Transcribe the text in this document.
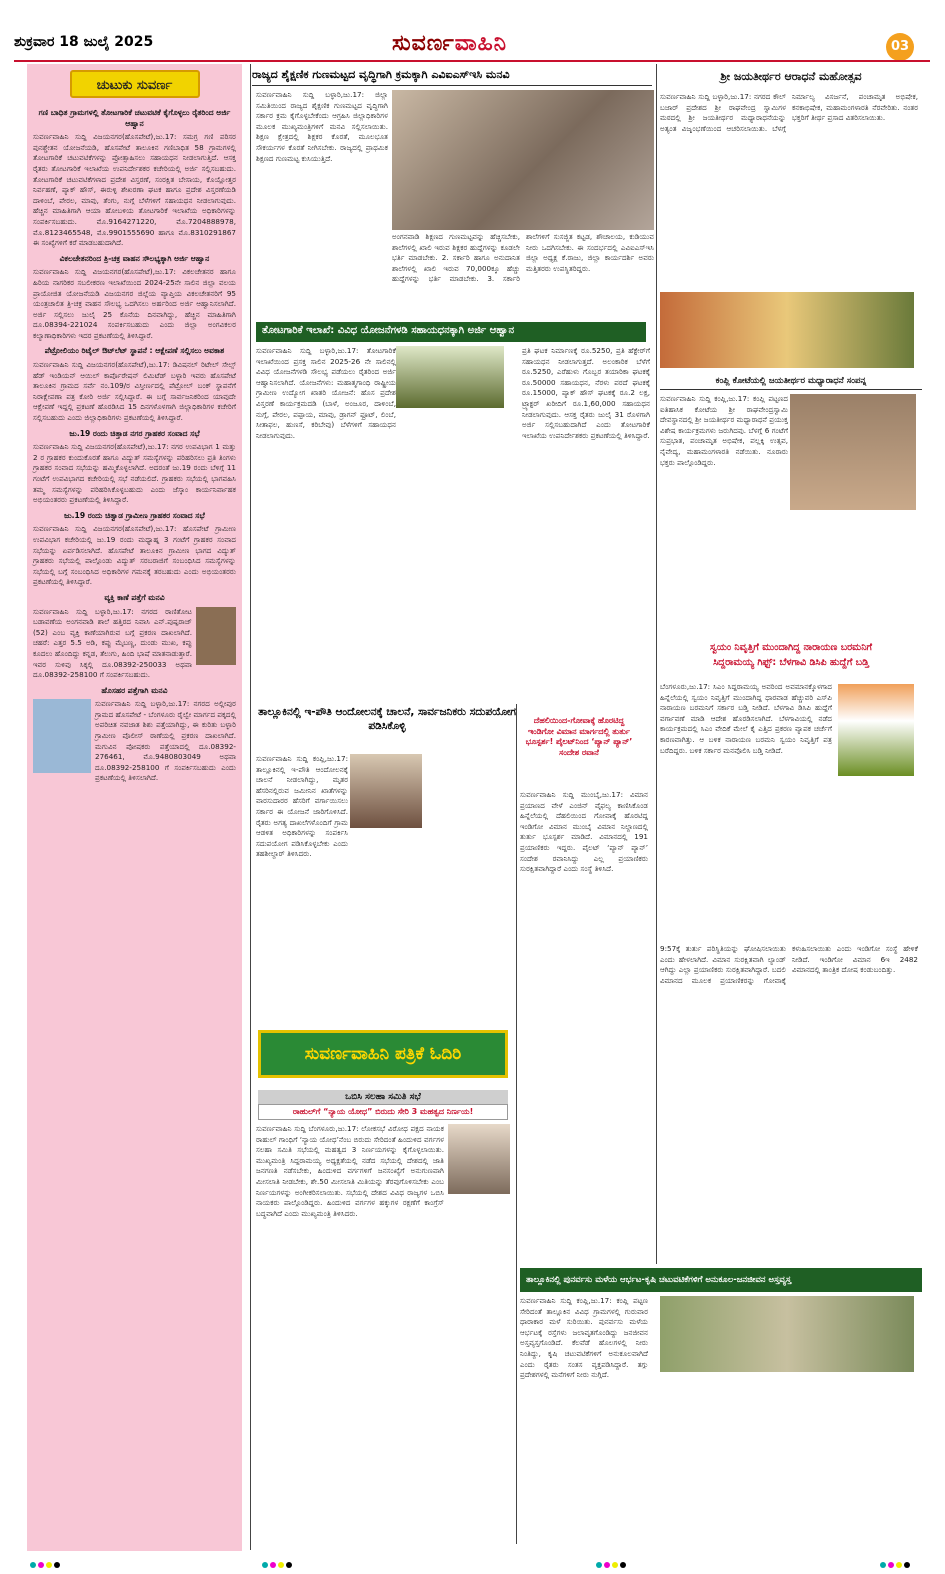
ಶುಕ್ರವಾರ 18 ಜುಲೈ 2025	ಸುವರ್ಣವಾಹಿನಿ	03
ಚುಟುಕು ಸುವರ್ಣ
ಗಣಿ ಬಾಧಿತ ಗ್ರಾಮಗಳಲ್ಲಿ ತೋಟಗಾರಿಕೆ ಚಟುವಟಿಕೆ ಕೈಗೊಳ್ಳಲು ರೈತರಿಂದ ಅರ್ಜಿ ಆಹ್ವಾನ

ಸುವರ್ಣವಾಹಿನಿ ಸುದ್ದಿ ವಿಜಯನಗರ(ಹೊಸಪೇಟೆ),ಜು.17: ಸಮಗ್ರ ಗಣಿ ಪರಿಸರ ಪುನಶ್ಚೇತನ ಯೋಜನೆಯಡಿ, ಹೊಸಪೇಟೆ ತಾಲೂಕಿನ ಗಣಿಬಾಧಿತ 58 ಗ್ರಾಮಗಳಲ್ಲಿ ತೋಟಗಾರಿಕೆ ಚಟುವಟಿಕೆಗಳನ್ನು ಪ್ರೋತ್ಸಾಹಿಸಲು ಸಹಾಯಧನ ನೀಡಲಾಗುತ್ತಿದೆ. ಆಸಕ್ತ ರೈತರು ತೋಟಗಾರಿಕೆ ಇಲಾಖೆಯ ಉಪನಿರ್ದೇಶಕರ ಕಚೇರಿಯಲ್ಲಿ ಅರ್ಜಿ ಸಲ್ಲಿಸಬಹುದು. ತೋಟಗಾರಿಕೆ ಚಟುವಟಿಕೆಗಳಾದ ಪ್ರದೇಶ ವಿಸ್ತರಣೆ, ಸಂರಕ್ಷಿತ ಬೇಸಾಯ, ಕೊಯ್ಲೋತ್ತರ ನಿರ್ವಹಣೆ, ಪ್ಯಾಕ್ ಹೌಸ್, ಈರುಳ್ಳಿ ಶೇಖರಣಾ ಘಟಕ ಹಾಗೂ ಪ್ರದೇಶ ವಿಸ್ತರಣೆಯಡಿ ದಾಳಿಂಬೆ, ಪೇರಲ, ಮಾವು, ತೆಂಗು, ನುಗ್ಗೆ ಬೆಳೆಗಳಿಗೆ ಸಹಾಯಧನ ನೀಡಲಾಗುವುದು. ಹೆಚ್ಚಿನ ಮಾಹಿತಿಗಾಗಿ ಆಯಾ ಹೋಬಳಿಯ ತೋಟಗಾರಿಕೆ ಇಲಾಖೆಯ ಅಧಿಕಾರಿಗಳನ್ನು ಸಂಪರ್ಕಿಸಬಹುದು. ಮೊ.9164271220, ಮೊ.7204888978, ಮೊ.8123465548, ಮೊ.9901555690 ಹಾಗೂ ಮೊ.8310291867 ಈ ಸಂಖ್ಯೆಗಳಿಗೆ ಕರೆ ಮಾಡಬಹುದಾಗಿದೆ.

ವಿಕಲಚೇತನರಿಂದ ತ್ರಿ-ಚಕ್ರ ವಾಹನ ಸೌಲಭ್ಯಕ್ಕಾಗಿ ಅರ್ಜಿ ಆಹ್ವಾನ

ಸುವರ್ಣವಾಹಿನಿ ಸುದ್ದಿ ವಿಜಯನಗರ(ಹೊಸಪೇಟೆ),ಜು.17: ವಿಕಲಚೇತನರ ಹಾಗೂ ಹಿರಿಯ ನಾಗರಿಕರ ಸಬಲೀಕರಣ ಇಲಾಖೆಯಿಂದ 2024-25ನೇ ಸಾಲಿನ ಜಿಲ್ಲಾ ವಲಯ ಪ್ರಾಯೋಜಿತ ಯೋಜನೆಯಡಿ ವಿಜಯನಗರ ಜಿಲ್ಲೆಯ ವ್ಯಾಪ್ತಿಯ ವಿಕಲಚೇತನರಿಗೆ 95 ಯಂತ್ರಚಾಲಿತ ತ್ರಿ-ಚಕ್ರ ವಾಹನ ಸೌಲಭ್ಯ ಒದಗಿಸಲು ಅರ್ಹರಿಂದ ಅರ್ಜಿ ಆಹ್ವಾನಿಸಲಾಗಿದೆ. ಅರ್ಜಿ ಸಲ್ಲಿಸಲು ಜುಲೈ 25 ಕೊನೆಯ ದಿನವಾಗಿದ್ದು, ಹೆಚ್ಚಿನ ಮಾಹಿತಿಗಾಗಿ ದೂ.08394-221024 ಸಂಪರ್ಕಿಸಬಹುದು ಎಂದು ಜಿಲ್ಲಾ ಅಂಗವಿಕಲರ ಕಲ್ಯಾಣಾಧಿಕಾರಿಗಳು ಇದರ ಪ್ರಕಟಣೆಯಲ್ಲಿ ತಿಳಿಸಿದ್ದಾರೆ.

ಪೆಟ್ರೋಲಿಯಂ ರಿಟೈಲ್ ಔಟ್‌ಲೆಟ್ ಸ್ಥಾಪನೆ : ಆಕ್ಷೇಪಣೆ ಸಲ್ಲಿಸಲು ಅವಕಾಶ

ಸುವರ್ಣವಾಹಿನಿ ಸುದ್ದಿ ವಿಜಯನಗರ(ಹೊಸಪೇಟೆ),ಜು.17: ಡಿವಿಷನಲ್ ರಿಟೇಲ್ ಸೇಲ್ಸ್ ಹೆಡ್ ಇಂಡಿಯನ್ ಆಯಿಲ್ ಕಾರ್ಪೊರೇಷನ್ ಲಿಮಿಟೆಡ್ ಬಳ್ಳಾರಿ ಇವರು ಹೊಸಪೇಟೆ ತಾಲೂಕಿನ ಗ್ರಾಮದ ಸರ್ವೆ ನಂ.109/ರ ವಿಸ್ತೀರ್ಣದಲ್ಲಿ ಪೆಟ್ರೋಲ್ ಬಂಕ್ ಸ್ಥಾಪನೆಗೆ ನಿರಾಕ್ಷೇಪಣಾ ಪತ್ರ ಕೋರಿ ಅರ್ಜಿ ಸಲ್ಲಿಸಿದ್ದಾರೆ. ಈ ಬಗ್ಗೆ ಸಾರ್ವಜನಿಕರಿಂದ ಯಾವುದೇ ಆಕ್ಷೇಪಣೆ ಇದ್ದಲ್ಲಿ ಪ್ರಕಟಣೆ ಹೊರಡಿಸಿದ 15 ದಿನಗಳೊಳಗಾಗಿ ಜಿಲ್ಲಾಧಿಕಾರಿಗಳ ಕಚೇರಿಗೆ ಸಲ್ಲಿಸಬಹುದು ಎಂದು ಜಿಲ್ಲಾಧಿಕಾರಿಗಳು ಪ್ರಕಟಣೆಯಲ್ಲಿ ತಿಳಿಸಿದ್ದಾರೆ.

ಜು.19 ರಂದು ಚಿತ್ತಾಡ ನಗರ ಗ್ರಾಹಕರ ಸಂವಾದ ಸಭೆ

ಸುವರ್ಣವಾಹಿನಿ ಸುದ್ದಿ ವಿಜಯನಗರ(ಹೊಸಪೇಟೆ),ಜು.17: ನಗರ ಉಪವಿಭಾಗ 1 ಮತ್ತು 2 ರ ಗ್ರಾಹಕರ ಕುಂದುಕೊರತೆ ಹಾಗೂ ವಿದ್ಯುತ್ ಸಮಸ್ಯೆಗಳನ್ನು ಪರಿಹರಿಸಲು ಪ್ರತಿ ತಿಂಗಳು ಗ್ರಾಹಕರ ಸಂವಾದ ಸಭೆಯನ್ನು ಹಮ್ಮಿಕೊಳ್ಳಲಾಗಿದೆ. ಅದರಂತೆ ಜು.19 ರಂದು ಬೆಳಿಗ್ಗೆ 11 ಗಂಟೆಗೆ ಉಪವಿಭಾಗದ ಕಚೇರಿಯಲ್ಲಿ ಸಭೆ ನಡೆಯಲಿದೆ. ಗ್ರಾಹಕರು ಸಭೆಯಲ್ಲಿ ಭಾಗವಹಿಸಿ ತಮ್ಮ ಸಮಸ್ಯೆಗಳನ್ನು ಪರಿಹರಿಸಿಕೊಳ್ಳಬಹುದು ಎಂದು ಜೆಸ್ಕಾಂ ಕಾರ್ಯನಿರ್ವಾಹಕ ಅಭಿಯಂತರರು ಪ್ರಕಟಣೆಯಲ್ಲಿ ತಿಳಿಸಿದ್ದಾರೆ.

ಜು.19 ರಂದು ಚಿತ್ವಾಡ ಗ್ರಾಮೀಣ ಗ್ರಾಹಕರ ಸಂವಾದ ಸಭೆ

ಸುವರ್ಣವಾಹಿನಿ ಸುದ್ದಿ ವಿಜಯನಗರ(ಹೊಸಪೇಟೆ),ಜು.17: ಹೊಸಪೇಟೆ ಗ್ರಾಮೀಣ ಉಪವಿಭಾಗ ಕಚೇರಿಯಲ್ಲಿ ಜು.19 ರಂದು ಮಧ್ಯಾಹ್ನ 3 ಗಂಟೆಗೆ ಗ್ರಾಹಕರ ಸಂವಾದ ಸಭೆಯನ್ನು ಏರ್ಪಡಿಸಲಾಗಿದೆ. ಹೊಸಪೇಟೆ ತಾಲೂಕಿನ ಗ್ರಾಮೀಣ ಭಾಗದ ವಿದ್ಯುತ್ ಗ್ರಾಹಕರು ಸಭೆಯಲ್ಲಿ ಪಾಲ್ಗೊಂಡು ವಿದ್ಯುತ್ ಸರಬರಾಜಿಗೆ ಸಂಬಂಧಿಸಿದ ಸಮಸ್ಯೆಗಳನ್ನು ಸಭೆಯಲ್ಲಿ ಬಗ್ಗೆ ಸಂಬಂಧಿಸಿದ ಅಧಿಕಾರಿಗಳ ಗಮನಕ್ಕೆ ತರಬಹುದು ಎಂದು ಅಭಿಯಂತರರು ಪ್ರಕಟಣೆಯಲ್ಲಿ ತಿಳಿಸಿದ್ದಾರೆ.

ವ್ಯಕ್ತಿ ಕಾಣೆ ಪತ್ತೆಗೆ ಮನವಿ

ಸುವರ್ಣವಾಹಿನಿ ಸುದ್ದಿ ಬಳ್ಳಾರಿ,ಜು.17: ನಗರದ ರಾಣಿತೋಟ ಬಡಾವಣೆಯ ಅಂಗನವಾಡಿ ಶಾಲೆ ಹತ್ತಿರದ ನಿವಾಸಿ ಎನ್.ಪುಷ್ಪರಾಜ್ (52) ಎಂಬ ವ್ಯಕ್ತಿ ಕಾಣೆಯಾಗಿರುವ ಬಗ್ಗೆ ಪ್ರಕರಣ ದಾಖಲಾಗಿದೆ. ಚಹರೆ: ಎತ್ತರ 5.5 ಅಡಿ, ಕಪ್ಪು ಮೈಬಣ್ಣ, ದುಂಡು ಮುಖ, ಕಪ್ಪು ಕೂದಲು ಹೊಂದಿದ್ದು ಕನ್ನಡ, ತೆಲುಗು, ಹಿಂದಿ ಭಾಷೆ ಮಾತನಾಡುತ್ತಾರೆ. ಇವರ ಸುಳಿವು ಸಿಕ್ಕಲ್ಲಿ ದೂ.08392-250033 ಅಥವಾ ದೂ.08392-258100 ಗೆ ಸಂಪರ್ಕಿಸಬಹುದು.

ಹೊಸಹರ ಪತ್ತೆಗಾಗಿ ಮನವಿ

ಸುವರ್ಣವಾಹಿನಿ ಸುದ್ದಿ ಬಳ್ಳಾರಿ,ಜು.17: ನಗರದ ಅಲ್ಲೀಪುರ ಗ್ರಾಮದ ಹೊಸಪೇಟೆ - ಬೆಂಗಳೂರು ರೈಲ್ವೇ ಮಾರ್ಗದ ಪಕ್ಕದಲ್ಲಿ ಅಪರಿಚಿತ ನವಜಾತ ಶಿಶು ಪತ್ತೆಯಾಗಿದ್ದು, ಈ ಕುರಿತು ಬಳ್ಳಾರಿ ಗ್ರಾಮೀಣ ಪೊಲೀಸ್ ಠಾಣೆಯಲ್ಲಿ ಪ್ರಕರಣ ದಾಖಲಾಗಿದೆ. ಮಗುವಿನ ಪೋಷಕರು ಪತ್ತೆಯಾದಲ್ಲಿ ದೂ.08392-276461, ಮೊ.9480803049 ಅಥವಾ ದೂ.08392-258100 ಗೆ ಸಂಪರ್ಕಿಸಬಹುದು ಎಂದು ಪ್ರಕಟಣೆಯಲ್ಲಿ ತಿಳಿಸಲಾಗಿದೆ.

ರಾಜ್ಯದ ಶೈಕ್ಷಣಿಕ ಗುಣಮಟ್ಟದ ವೃದ್ಧಿಗಾಗಿ ಕ್ರಮಕ್ಕಾಗಿ ಎವಿಐಎಸ್‌ಇಸಿ ಮನವಿ
ಸುವರ್ಣವಾಹಿನಿ ಸುದ್ದಿ ಬಳ್ಳಾರಿ,ಜು.17: ಜಿಲ್ಲಾ ಸಮಿತಿಯಿಂದ ರಾಜ್ಯದ ಶೈಕ್ಷಣಿಕ ಗುಣಮಟ್ಟದ ವೃದ್ಧಿಗಾಗಿ ಸರ್ಕಾರ ಕ್ರಮ ಕೈಗೊಳ್ಳಬೇಕೆಂದು ಆಗ್ರಹಿಸಿ ಜಿಲ್ಲಾಧಿಕಾರಿಗಳ ಮೂಲಕ ಮುಖ್ಯಮಂತ್ರಿಗಳಿಗೆ ಮನವಿ ಸಲ್ಲಿಸಲಾಯಿತು. ಶಿಕ್ಷಣ ಕ್ಷೇತ್ರದಲ್ಲಿ ಶಿಕ್ಷಕರ ಕೊರತೆ, ಮೂಲಭೂತ ಸೌಕರ್ಯಗಳ ಕೊರತೆ ನೀಗಿಸಬೇಕು. ರಾಜ್ಯದಲ್ಲಿ ಪ್ರಾಥಮಿಕ ಶಿಕ್ಷಣದ ಗುಣಮಟ್ಟ ಕುಸಿಯುತ್ತಿದೆ.
ಅಂಗನವಾಡಿ ಶಿಕ್ಷಣದ ಗುಣಮಟ್ಟವನ್ನು ಹೆಚ್ಚಿಸಬೇಕು, ಶಾಲೆಗಳಲ್ಲಿ ಖಾಲಿ ಇರುವ ಶಿಕ್ಷಕರ ಹುದ್ದೆಗಳನ್ನು ಕೂಡಲೇ ಭರ್ತಿ ಮಾಡಬೇಕು. 2. ಸರ್ಕಾರಿ ಹಾಗೂ ಅನುದಾನಿತ ಶಾಲೆಗಳಲ್ಲಿ ಖಾಲಿ ಇರುವ 70,000ಕ್ಕೂ ಹೆಚ್ಚು ಹುದ್ದೆಗಳನ್ನು ಭರ್ತಿ ಮಾಡಬೇಕು. 3. ಸರ್ಕಾರಿ ಶಾಲೆಗಳಿಗೆ ಸುಸಜ್ಜಿತ ಕಟ್ಟಡ, ಶೌಚಾಲಯ, ಕುಡಿಯುವ ನೀರು ಒದಗಿಸಬೇಕು. ಈ ಸಂದರ್ಭದಲ್ಲಿ ಎವಿಐಎಸ್‌ಇಸಿ ಜಿಲ್ಲಾ ಅಧ್ಯಕ್ಷ ಕೆ.ರಾಜು, ಜಿಲ್ಲಾ ಕಾರ್ಯದರ್ಶಿ ಅವರು ಮತ್ತಿತರರು ಉಪಸ್ಥಿತರಿದ್ದರು.
ತೋಟಗಾರಿಕೆ ಇಲಾಖೆ: ವಿವಿಧ ಯೋಜನೆಗಳಡಿ ಸಹಾಯಧನಕ್ಕಾಗಿ ಅರ್ಜಿ ಆಹ್ವಾನ
ಸುವರ್ಣವಾಹಿನಿ ಸುದ್ದಿ ಬಳ್ಳಾರಿ,ಜು.17: ತೋಟಗಾರಿಕೆ ಇಲಾಖೆಯಿಂದ ಪ್ರಸಕ್ತ ಸಾಲಿನ 2025-26 ನೇ ಸಾಲಿನಲ್ಲಿ ವಿವಿಧ ಯೋಜನೆಗಳಡಿ ಸೌಲಭ್ಯ ಪಡೆಯಲು ರೈತರಿಂದ ಅರ್ಜಿ ಆಹ್ವಾನಿಸಲಾಗಿದೆ. ಯೋಜನೆಗಳು: ಮಹಾತ್ಮಗಾಂಧಿ ರಾಷ್ಟ್ರೀಯ ಗ್ರಾಮೀಣ ಉದ್ಯೋಗ ಖಾತರಿ ಯೋಜನೆ: ಹೊಸ ಪ್ರದೇಶ ವಿಸ್ತರಣೆ ಕಾರ್ಯಕ್ರಮದಡಿ (ಬಾಳೆ, ಅಂಜೂರ, ದಾಳಿಂಬೆ, ನುಗ್ಗೆ, ಪೇರಲ, ಪಪ್ಪಾಯ, ಮಾವು, ಡ್ರಾಗನ್ ಫ್ರೂಟ್, ಲಿಂಬೆ, ಸೀತಾಫಲ, ಹುಣಸೆ, ಕರಿಬೇವು) ಬೆಳೆಗಳಿಗೆ ಸಹಾಯಧನ ನೀಡಲಾಗುವುದು.
ಪ್ರತಿ ಘಟಕ ನಿರ್ಮಾಣಕ್ಕೆ ರೂ.5250, ಪ್ರತಿ ಹೆಕ್ಟೇರ್‌ಗೆ ಸಹಾಯಧನ ನೀಡಲಾಗುತ್ತದೆ. ಅಲಂಕಾರಿಕ ಬೆಳೆಗೆ ರೂ.5250, ಎರೆಹುಳು ಗೊಬ್ಬರ ತಯಾರಿಕಾ ಘಟಕಕ್ಕೆ ರೂ.50000 ಸಹಾಯಧನ, ನೆರಳು ಪರದೆ ಘಟಕಕ್ಕೆ ರೂ.15000, ಪ್ಯಾಕ್ ಹೌಸ್ ಘಟಕಕ್ಕೆ ರೂ.2 ಲಕ್ಷ, ಟ್ರ್ಯಾಕ್ಟರ್ ಖರೀದಿಗೆ ರೂ.1,60,000 ಸಹಾಯಧನ ನೀಡಲಾಗುವುದು. ಆಸಕ್ತ ರೈತರು ಜುಲೈ 31 ರೊಳಗಾಗಿ ಅರ್ಜಿ ಸಲ್ಲಿಸಬಹುದಾಗಿದೆ ಎಂದು ತೋಟಗಾರಿಕೆ ಇಲಾಖೆಯ ಉಪನಿರ್ದೇಶಕರು ಪ್ರಕಟಣೆಯಲ್ಲಿ ತಿಳಿಸಿದ್ದಾರೆ.
ತಾಲ್ಲೂಕಿನಲ್ಲಿ ಇ-ಪೌತಿ ಆಂದೋಲನಕ್ಕೆ ಚಾಲನೆ, ಸಾರ್ವಜನಿಕರು ಸದುಪಯೋಗ ಪಡಿಸಿಕೊಳ್ಳಿ
ಸುವರ್ಣವಾಹಿನಿ ಸುದ್ದಿ ಕಂಪ್ಲಿ,ಜು.17: ತಾಲ್ಲೂಕಿನಲ್ಲಿ ಇ-ಪೌತಿ ಆಂದೋಲನಕ್ಕೆ ಚಾಲನೆ ನೀಡಲಾಗಿದ್ದು, ಮೃತರ ಹೆಸರಿನಲ್ಲಿರುವ ಜಮೀನಿನ ಖಾತೆಗಳನ್ನು ವಾರಸುದಾರರ ಹೆಸರಿಗೆ ವರ್ಗಾಯಿಸಲು ಸರ್ಕಾರ ಈ ಯೋಜನೆ ಜಾರಿಗೊಳಿಸಿದೆ. ರೈತರು ಅಗತ್ಯ ದಾಖಲೆಗಳೊಂದಿಗೆ ಗ್ರಾಮ ಆಡಳಿತ ಅಧಿಕಾರಿಗಳನ್ನು ಸಂಪರ್ಕಿಸಿ ಸದುಪಯೋಗ ಪಡಿಸಿಕೊಳ್ಳಬೇಕು ಎಂದು ತಹಶೀಲ್ದಾರ್ ತಿಳಿಸಿದರು.
ದೆಹಲಿಯಿಂದ-ಗೋವಾಕ್ಕೆ ಹೊರಟಿದ್ದ ಇಂಡಿಗೋ ವಿಮಾನ ಮಾರ್ಗದಲ್ಲಿ ತುರ್ತು ಭೂಸ್ಪರ್ಶ! ಪೈಲಟ್‌ನಿಂದ ‘ಪ್ಯಾನ್ ಪ್ಯಾನ್’ ಸಂದೇಶ ರವಾನೆ
ಸುವರ್ಣವಾಹಿನಿ ಸುದ್ದಿ ಮುಂಬೈ,ಜು.17: ವಿಮಾನ ಪ್ರಯಾಣದ ವೇಳೆ ಎಂಜಿನ್ ವೈಫಲ್ಯ ಕಾಣಿಸಿಕೊಂಡ ಹಿನ್ನೆಲೆಯಲ್ಲಿ ದೆಹಲಿಯಿಂದ ಗೋವಾಕ್ಕೆ ಹೊರಟಿದ್ದ ಇಂಡಿಗೋ ವಿಮಾನ ಮುಂಬೈ ವಿಮಾನ ನಿಲ್ದಾಣದಲ್ಲಿ ತುರ್ತು ಭೂಸ್ಪರ್ಶ ಮಾಡಿದೆ. ವಿಮಾನದಲ್ಲಿ 191 ಪ್ರಯಾಣಿಕರು ಇದ್ದರು. ಪೈಲಟ್ ‘ಪ್ಯಾನ್ ಪ್ಯಾನ್’ ಸಂದೇಶ ರವಾನಿಸಿದ್ದು ಎಲ್ಲ ಪ್ರಯಾಣಿಕರು ಸುರಕ್ಷಿತವಾಗಿದ್ದಾರೆ ಎಂದು ಸಂಸ್ಥೆ ತಿಳಿಸಿದೆ.
ಸುವರ್ಣವಾಹಿನಿ ಪತ್ರಿಕೆ ಓದಿರಿ
ಒಬಿಸಿ ಸಲಹಾ ಸಮಿತಿ ಸಭೆ
ರಾಹುಲ್‌ಗೆ “ನ್ಯಾಯ ಯೋಧ” ಬಿರುದು ಸೇರಿ 3 ಮಹತ್ವದ ನಿರ್ಣಯ!
ಸುವರ್ಣವಾಹಿನಿ ಸುದ್ದಿ ಬೆಂಗಳೂರು,ಜು.17: ಲೋಕಸಭೆ ವಿರೋಧ ಪಕ್ಷದ ನಾಯಕ ರಾಹುಲ್ ಗಾಂಧಿಗೆ ‘ನ್ಯಾಯ ಯೋಧ’ನೆಂಬ ಬಿರುದು ಸೇರಿದಂತೆ ಹಿಂದುಳಿದ ವರ್ಗಗಳ ಸಲಹಾ ಸಮಿತಿ ಸಭೆಯಲ್ಲಿ ಮಹತ್ವದ 3 ನಿರ್ಣಯಗಳನ್ನು ಕೈಗೊಳ್ಳಲಾಯಿತು. ಮುಖ್ಯಮಂತ್ರಿ ಸಿದ್ದರಾಮಯ್ಯ ಅಧ್ಯಕ್ಷತೆಯಲ್ಲಿ ನಡೆದ ಸಭೆಯಲ್ಲಿ ದೇಶದಲ್ಲಿ ಜಾತಿ ಜನಗಣತಿ ನಡೆಸಬೇಕು, ಹಿಂದುಳಿದ ವರ್ಗಗಳಿಗೆ ಜನಸಂಖ್ಯೆಗೆ ಅನುಗುಣವಾಗಿ ಮೀಸಲಾತಿ ನೀಡಬೇಕು, ಶೇ.50 ಮೀಸಲಾತಿ ಮಿತಿಯನ್ನು ತೆರವುಗೊಳಿಸಬೇಕು ಎಂಬ ನಿರ್ಣಯಗಳನ್ನು ಅಂಗೀಕರಿಸಲಾಯಿತು. ಸಭೆಯಲ್ಲಿ ದೇಶದ ವಿವಿಧ ರಾಜ್ಯಗಳ ಒಬಿಸಿ ನಾಯಕರು ಪಾಲ್ಗೊಂಡಿದ್ದರು. ಹಿಂದುಳಿದ ವರ್ಗಗಳ ಹಕ್ಕುಗಳ ರಕ್ಷಣೆಗೆ ಕಾಂಗ್ರೆಸ್ ಬದ್ಧವಾಗಿದೆ ಎಂದು ಮುಖ್ಯಮಂತ್ರಿ ತಿಳಿಸಿದರು.
ಶ್ರೀ ಜಯತೀರ್ಥರ ಆರಾಧನೆ ಮಹೋತ್ಸವ
ಸುವರ್ಣವಾಹಿನಿ ಸುದ್ದಿ ಬಳ್ಳಾರಿ,ಜು.17: ನಗರದ ಕೌಲ್ ಬಜಾರ್ ಪ್ರದೇಶದ ಶ್ರೀ ರಾಘವೇಂದ್ರ ಸ್ವಾಮಿಗಳ ಮಠದಲ್ಲಿ ಶ್ರೀ ಜಯತೀರ್ಥರ ಮಧ್ಯಾರಾಧನೆಯನ್ನು ಅತ್ಯಂತ ವಿಜೃಂಭಣೆಯಿಂದ ಆಚರಿಸಲಾಯಿತು. ಬೆಳಗ್ಗೆ ನಿರ್ಮಾಲ್ಯ ವಿಸರ್ಜನೆ, ಪಂಚಾಮೃತ ಅಭಿಷೇಕ, ಕನಕಾಭಿಷೇಕ, ಮಹಾಮಂಗಳಾರತಿ ನೆರವೇರಿತು. ನಂತರ ಭಕ್ತರಿಗೆ ತೀರ್ಥ ಪ್ರಸಾದ ವಿತರಿಸಲಾಯಿತು.
ಕಂಪ್ಲಿ ಕೋಟೆಯಲ್ಲಿ ಜಯತೀರ್ಥರ ಮಧ್ಯಾರಾಧನೆ ಸಂಪನ್ನ
ಸುವರ್ಣವಾಹಿನಿ ಸುದ್ದಿ ಕಂಪ್ಲಿ,ಜು.17: ಕಂಪ್ಲಿ ಪಟ್ಟಣದ ಐತಿಹಾಸಿಕ ಕೋಟೆಯ ಶ್ರೀ ರಾಘವೇಂದ್ರಸ್ವಾಮಿ ದೇವಸ್ಥಾನದಲ್ಲಿ ಶ್ರೀ ಜಯತೀರ್ಥರ ಮಧ್ಯಾರಾಧನೆ ಪ್ರಯುಕ್ತ ವಿಶೇಷ ಕಾರ್ಯಕ್ರಮಗಳು ಜರುಗಿದವು. ಬೆಳಗ್ಗೆ 6 ಗಂಟೆಗೆ ಸುಪ್ರಭಾತ, ಪಂಚಾಮೃತ ಅಭಿಷೇಕ, ಪಲ್ಲಕ್ಕಿ ಉತ್ಸವ, ನೈವೇದ್ಯ, ಮಹಾಮಂಗಳಾರತಿ ನಡೆಯಿತು. ನೂರಾರು ಭಕ್ತರು ಪಾಲ್ಗೊಂಡಿದ್ದರು.
ಸ್ವಯಂ ನಿವೃತ್ತಿಗೆ ಮುಂದಾಗಿದ್ದ ನಾರಾಯಣ ಬರಮನಿಗೆ
ಸಿದ್ದರಾಮಯ್ಯ ಗಿಫ್ಟ್: ಬೆಳಗಾವಿ ಡಿಸಿಪಿ ಹುದ್ದೆಗೆ ಬಡ್ತಿ
ಬೆಂಗಳೂರು,ಜು.17: ಸಿಎಂ ಸಿದ್ದರಾಮಯ್ಯ ಅವರಿಂದ ಅವಮಾನಕ್ಕೊಳಗಾದ ಹಿನ್ನೆಲೆಯಲ್ಲಿ ಸ್ವಯಂ ನಿವೃತ್ತಿಗೆ ಮುಂದಾಗಿದ್ದ ಧಾರವಾಡ ಹೆಚ್ಚುವರಿ ಎಸ್‌ಪಿ ನಾರಾಯಣ ಬರಮನಿಗೆ ಸರ್ಕಾರ ಬಡ್ತಿ ನೀಡಿದೆ. ಬೆಳಗಾವಿ ಡಿಸಿಪಿ ಹುದ್ದೆಗೆ ವರ್ಗಾವಣೆ ಮಾಡಿ ಆದೇಶ ಹೊರಡಿಸಲಾಗಿದೆ. ಬೆಳಗಾವಿಯಲ್ಲಿ ನಡೆದ ಕಾರ್ಯಕ್ರಮದಲ್ಲಿ ಸಿಎಂ ವೇದಿಕೆ ಮೇಲೆ ಕೈ ಎತ್ತಿದ ಪ್ರಕರಣ ವ್ಯಾಪಕ ಚರ್ಚೆಗೆ ಕಾರಣವಾಗಿತ್ತು. ಆ ಬಳಿಕ ನಾರಾಯಣ ಬರಮನಿ ಸ್ವಯಂ ನಿವೃತ್ತಿಗೆ ಪತ್ರ ಬರೆದಿದ್ದರು. ಬಳಿಕ ಸರ್ಕಾರ ಮನವೊಲಿಸಿ ಬಡ್ತಿ ನೀಡಿದೆ.
9:57ಕ್ಕೆ ತುರ್ತು ಪರಿಸ್ಥಿತಿಯನ್ನು ಘೋಷಿಸಲಾಯಿತು ಎಂದು ಹೇಳಲಾಗಿದೆ. ವಿಮಾನ ಸುರಕ್ಷಿತವಾಗಿ ಲ್ಯಾಂಡ್ ಆಗಿದ್ದು ಎಲ್ಲಾ ಪ್ರಯಾಣಿಕರು ಸುರಕ್ಷಿತವಾಗಿದ್ದಾರೆ. ಬದಲಿ ವಿಮಾನದ ಮೂಲಕ ಪ್ರಯಾಣಿಕರನ್ನು ಗೋವಾಕ್ಕೆ ಕಳುಹಿಸಲಾಯಿತು ಎಂದು ಇಂಡಿಗೋ ಸಂಸ್ಥೆ ಹೇಳಿಕೆ ನೀಡಿದೆ. ಇಂಡಿಗೋ ವಿಮಾನ 6ಇ 2482 ವಿಮಾನದಲ್ಲಿ ತಾಂತ್ರಿಕ ದೋಷ ಕಂಡುಬಂದಿತ್ತು.
ತಾಲ್ಲೂಕಿನಲ್ಲಿ ಪುನರ್ವಸು ಮಳೆಯ ಆರ್ಭಟ-ಕೃಷಿ ಚಟುವಟಿಕೆಗಳಿಗೆ ಅನುಕೂಲ-ಜನಜೀವನ ಅಸ್ತವ್ಯಸ್ತ
ಸುವರ್ಣವಾಹಿನಿ ಸುದ್ದಿ ಕಂಪ್ಲಿ,ಜು.17: ಕಂಪ್ಲಿ ಪಟ್ಟಣ ಸೇರಿದಂತೆ ತಾಲ್ಲೂಕಿನ ವಿವಿಧ ಗ್ರಾಮಗಳಲ್ಲಿ ಗುರುವಾರ ಧಾರಾಕಾರ ಮಳೆ ಸುರಿಯಿತು. ಪುನರ್ವಸು ಮಳೆಯ ಆರ್ಭಟಕ್ಕೆ ರಸ್ತೆಗಳು ಜಲಾವೃತಗೊಂಡಿದ್ದು ಜನಜೀವನ ಅಸ್ತವ್ಯಸ್ತಗೊಂಡಿದೆ. ಕೆಲವೆಡೆ ಹೊಲಗಳಲ್ಲಿ ನೀರು ನಿಂತಿದ್ದು, ಕೃಷಿ ಚಟುವಟಿಕೆಗಳಿಗೆ ಅನುಕೂಲವಾಗಿದೆ ಎಂದು ರೈತರು ಸಂತಸ ವ್ಯಕ್ತಪಡಿಸಿದ್ದಾರೆ. ತಗ್ಗು ಪ್ರದೇಶಗಳಲ್ಲಿ ಮನೆಗಳಿಗೆ ನೀರು ನುಗ್ಗಿದೆ.
